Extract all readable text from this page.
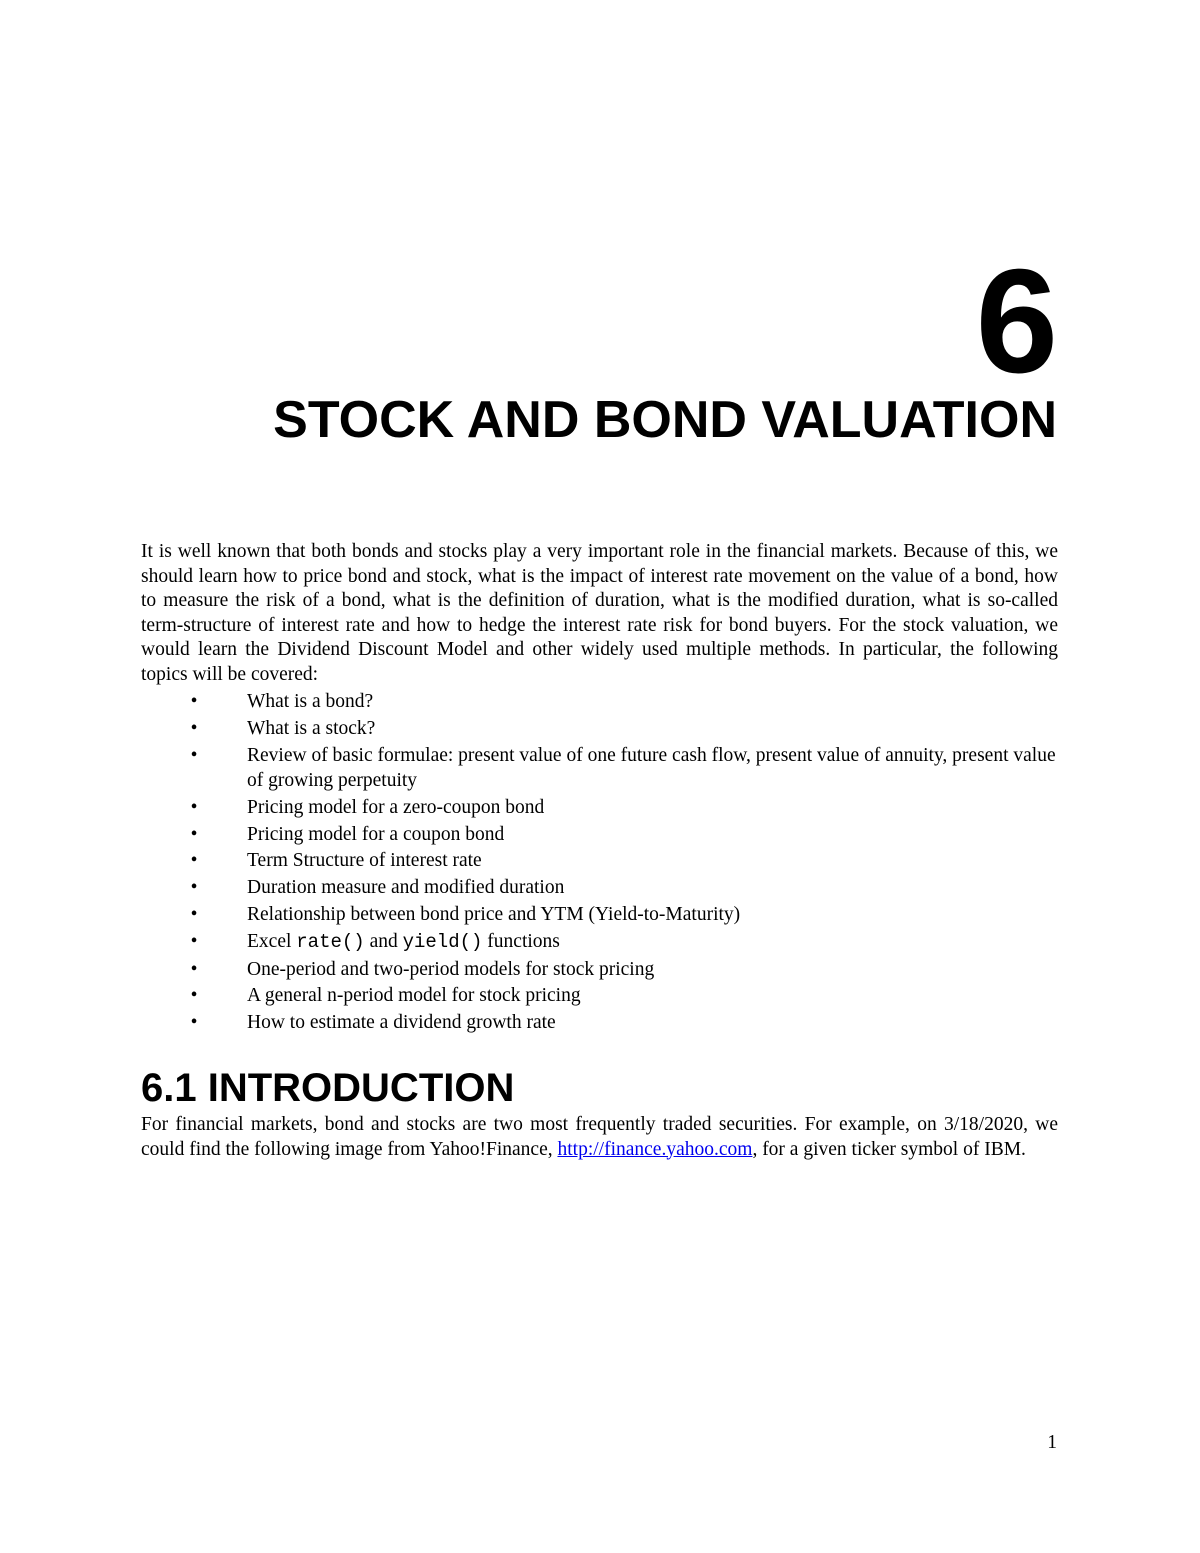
6
STOCK AND BOND VALUATION

It is well known that both bonds and stocks play a very important role in the financial markets. Because of this, we should learn how to price bond and stock, what is the impact of interest rate movement on the value of a bond, how to measure the risk of a bond, what is the definition of duration, what is the modified duration, what is so-called term-structure of interest rate and how to hedge the interest rate risk for bond buyers. For the stock valuation, we would learn the Dividend Discount Model and other widely used multiple methods. In particular, the following topics will be covered:

•	What is a bond?
•	What is a stock?
•	Review of basic formulae: present value of one future cash flow, present value of annuity, present value of growing perpetuity
•	Pricing model for a zero-coupon bond
•	Pricing model for a coupon bond
•	Term Structure of interest rate
•	Duration measure and modified duration
•	Relationship between bond price and YTM (Yield-to-Maturity)
•	Excel rate() and yield() functions
•	One-period and two-period models for stock pricing
•	A general n-period model for stock pricing
•	How to estimate a dividend growth rate
6.1 INTRODUCTION

For financial markets, bond and stocks are two most frequently traded securities. For example, on 3/18/2020, we could find the following image from Yahoo!Finance, http://finance.yahoo.com, for a given ticker symbol of IBM.

1
